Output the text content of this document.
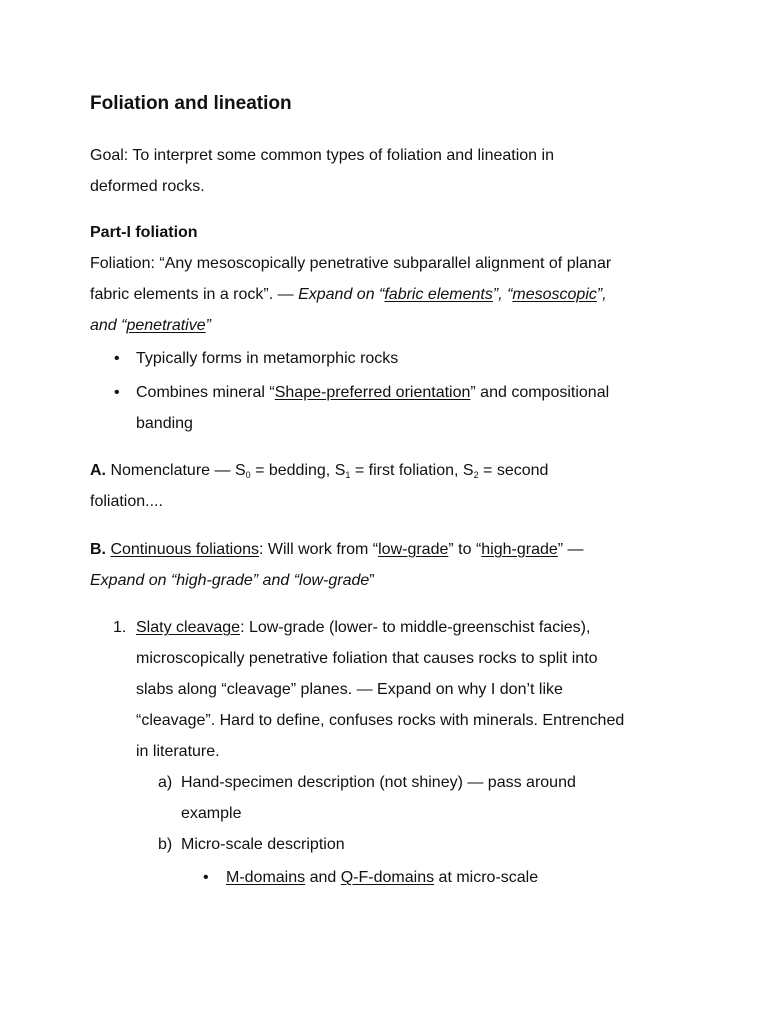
Foliation and lineation
Goal: To interpret some common types of foliation and lineation in
deformed rocks.
Part-I foliation
Foliation: “Any mesoscopically penetrative subparallel alignment of planar
fabric elements in a rock”. — Expand on “fabric elements”, “mesoscopic”,
and “penetrative”
• Typically forms in metamorphic rocks
• Combines mineral “Shape-preferred orientation” and compositional
banding
A. Nomenclature — $S_0$ = bedding, $S_1$ = first foliation, $S_2$ = second
foliation....
B. Continuous foliations: Will work from “low-grade” to “high-grade” —
Expand on “high-grade” and “low-grade”
1. Slaty cleavage: Low-grade (lower- to middle-greenschist facies),
microscopically penetrative foliation that causes rocks to split into
slabs along “cleavage” planes. — Expand on why I don’t like
“cleavage”. Hard to define, confuses rocks with minerals. Entrenched
in literature.
a) Hand-specimen description (not shiney) — pass around
example
b) Micro-scale description
• M-domains and Q-F-domains at micro-scale
